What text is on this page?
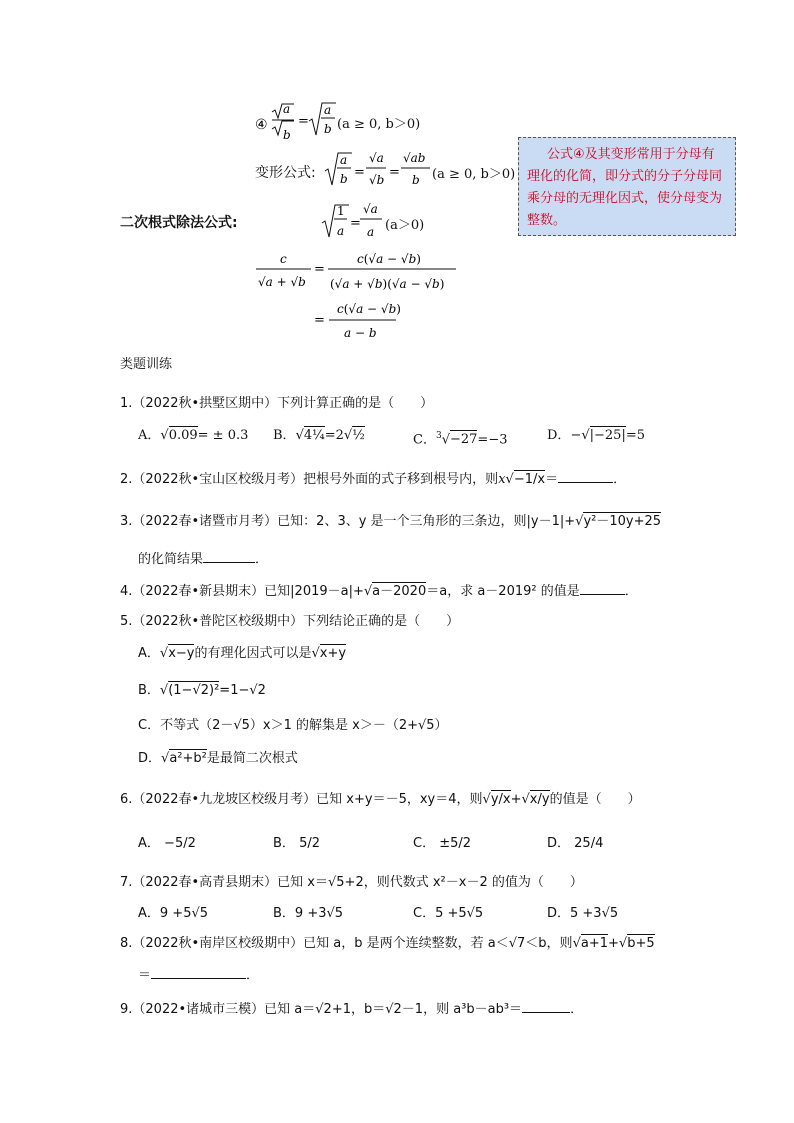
④
a
b
=
a
b
a
b =
√a
√b =
√ab
b
1
a =
√a
a
c
√a + √b
=
c(√a − √b)
(√a + √b)(√a − √b)
=
c(√a − √b)
a − b
(a ≥ 0, b＞0)
变形公式:	(a ≥ 0, b＞0)
二次根式除法公式:	(a＞0)
公式④及其变形常用于分母有理化的化简，即分式的分子分母同乘分母的无理化因式，使分母变为整数。
类题训练
1.（2022秋•拱墅区期中）下列计算正确的是（　　）
A．√0.09= ± 0.3 B．√4¼=2√½	C．$^3$√−27=−3	D．−√|−25|=5
2.（2022秋•宝山区校级月考）把根号外面的式子移到根号内，则x√−1/x＝	．
3.（2022春•诸暨市月考）已知：2、3、y 是一个三角形的三条边，则|y－1|+√y²－10y+25
的化简结果	．
4.（2022春•新县期末）已知|2019－a|+√a－2020＝a，求 a－2019² 的值是	．
5.（2022秋•普陀区校级期中）下列结论正确的是（　　）
A．√x−y的有理化因式可以是√x+y
B．√(1−√2)²=1−√2
C．不等式（2－√5）x＞1 的解集是 x＞－（2+√5）
D．√a²+b²是最简二次根式
6.（2022春•九龙坡区校级月考）已知 x+y＝－5，xy＝4，则√y/x+√x/y的值是（　　）
A． −5/2	B． 5/2	C． ±5/2	D． 25/4
7.（2022春•高青县期末）已知 x＝√5+2，则代数式 x²－x－2 的值为（　　）
A．9 +5√5	B．9 +3√5	C．5 +5√5	D．5 +3√5
8.（2022秋•南岸区校级期中）已知 a，b 是两个连续整数，若 a＜√7＜b，则√a+1+√b+5
＝	．
9.（2022•诸城市三模）已知 a＝√2+1，b＝√2－1，则 a³b－ab³＝	．
